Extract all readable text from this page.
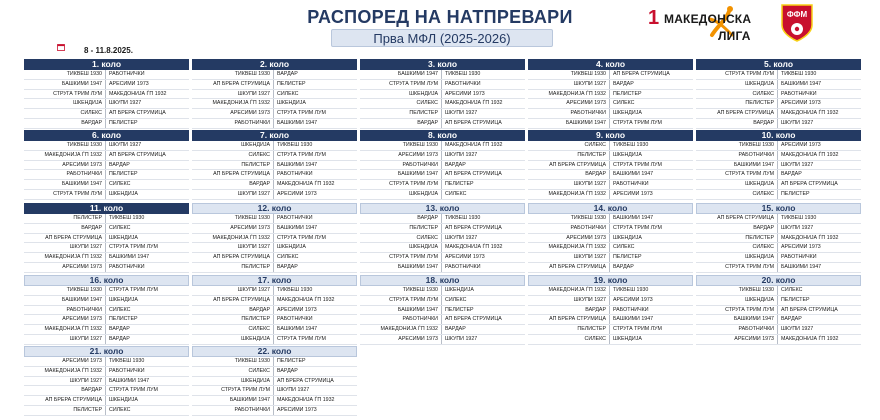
РАСПОРЕД НА НАТПРЕВАРИ
Прва МФЛ (2025-2026)
1 МАКЕДОНСКА
ЛИГА
ФФМ
8 - 11.8.2025.
1. коло
ТИКВЕШ 1930	РАБОТНИЧКИ
БАШКИМИ 1947	АРЕСИМИ 1973
СТРУГА ТРИМ ЛУМ	МАКЕДОНИЈА ЃП 1932
ШКЕНДИЈА	ШКУПИ 1927
СИЛЕКС	АП БРЕРА СТРУМИЦА
ВАРДАР	ПЕЛИСТЕР
2. коло
ТИКВЕШ 1930	ВАРДАР
АП БРЕРА СТРУМИЦА	ПЕЛИСТЕР
ШКУПИ 1927	СИЛЕКС
МАКЕДОНИЈА ЃП 1932	ШКЕНДИЈА
АРЕСИМИ 1973	СТРУГА ТРИМ ЛУМ
РАБОТНИЧКИ	БАШКИМИ 1947
3. коло
БАШКИМИ 1947	ТИКВЕШ 1930
СТРУГА ТРИМ ЛУМ	РАБОТНИЧКИ
ШКЕНДИЈА	АРЕСИМИ 1973
СИЛЕКС	МАКЕДОНИЈА ЃП 1932
ПЕЛИСТЕР	ШКУПИ 1927
ВАРДАР	АП БРЕРА СТРУМИЦА
4. коло
ТИКВЕШ 1930	АП БРЕРА СТРУМИЦА
ШКУПИ 1927	ВАРДАР
МАКЕДОНИЈА ЃП 1932	ПЕЛИСТЕР
АРЕСИМИ 1973	СИЛЕКС
РАБОТНИЧКИ	ШКЕНДИЈА
БАШКИМИ 1947	СТРУГА ТРИМ ЛУМ
5. коло
СТРУГА ТРИМ ЛУМ	ТИКВЕШ 1930
ШКЕНДИЈА	БАШКИМИ 1947
СИЛЕКС	РАБОТНИЧКИ
ПЕЛИСТЕР	АРЕСИМИ 1973
АП БРЕРА СТРУМИЦА	МАКЕДОНИЈА ЃП 1932
ВАРДАР	ШКУПИ 1927
6. коло
ТИКВЕШ 1930	ШКУПИ 1927
МАКЕДОНИЈА ЃП 1932	АП БРЕРА СТРУМИЦА
АРЕСИМИ 1973	ВАРДАР
РАБОТНИЧКИ	ПЕЛИСТЕР
БАШКИМИ 1947	СИЛЕКС
СТРУГА ТРИМ ЛУМ	ШКЕНДИЈА
7. коло
ШКЕНДИЈА	ТИКВЕШ 1930
СИЛЕКС	СТРУГА ТРИМ ЛУМ
ПЕЛИСТЕР	БАШКИМИ 1947
АП БРЕРА СТРУМИЦА	РАБОТНИЧКИ
ВАРДАР	МАКЕДОНИЈА ЃП 1932
ШКУПИ 1927	АРЕСИМИ 1973
8. коло
ТИКВЕШ 1930	МАКЕДОНИЈА ЃП 1932
АРЕСИМИ 1973	ШКУПИ 1927
РАБОТНИЧКИ	ВАРДАР
БАШКИМИ 1947	АП БРЕРА СТРУМИЦА
СТРУГА ТРИМ ЛУМ	ПЕЛИСТЕР
ШКЕНДИЈА	СИЛЕКС
9. коло
СИЛЕКС	ТИКВЕШ 1930
ПЕЛИСТЕР	ШКЕНДИЈА
АП БРЕРА СТРУМИЦА	СТРУГА ТРИМ ЛУМ
ВАРДАР	БАШКИМИ 1947
ШКУПИ 1927	РАБОТНИЧКИ
МАКЕДОНИЈА ЃП 1932	АРЕСИМИ 1973
10. коло
ТИКВЕШ 1930	АРЕСИМИ 1973
РАБОТНИЧКИ	МАКЕДОНИЈА ЃП 1932
БАШКИМИ 1947	ШКУПИ 1927
СТРУГА ТРИМ ЛУМ	ВАРДАР
ШКЕНДИЈА	АП БРЕРА СТРУМИЦА
СИЛЕКС	ПЕЛИСТЕР
11. коло
ПЕЛИСТЕР	ТИКВЕШ 1930
ВАРДАР	СИЛЕКС
АП БРЕРА СТРУМИЦА	ШКЕНДИЈА
ШКУПИ 1927	СТРУГА ТРИМ ЛУМ
МАКЕДОНИЈА ЃП 1932	БАШКИМИ 1947
АРЕСИМИ 1973	РАБОТНИЧКИ
12. коло
ТИКВЕШ 1930	РАБОТНИЧКИ
АРЕСИМИ 1973	БАШКИМИ 1947
МАКЕДОНИЈА ЃП 1932	СТРУГА ТРИМ ЛУМ
ШКУПИ 1927	ШКЕНДИЈА
АП БРЕРА СТРУМИЦА	СИЛЕКС
ПЕЛИСТЕР	ВАРДАР
13. коло
ВАРДАР	ТИКВЕШ 1930
ПЕЛИСТЕР	АП БРЕРА СТРУМИЦА
СИЛЕКС	ШКУПИ 1927
ШКЕНДИЈА	МАКЕДОНИЈА ЃП 1932
СТРУГА ТРИМ ЛУМ	АРЕСИМИ 1973
БАШКИМИ 1947	РАБОТНИЧКИ
14. коло
ТИКВЕШ 1930	БАШКИМИ 1947
РАБОТНИЧКИ	СТРУГА ТРИМ ЛУМ
АРЕСИМИ 1973	ШКЕНДИЈА
МАКЕДОНИЈА ЃП 1932	СИЛЕКС
ШКУПИ 1927	ПЕЛИСТЕР
АП БРЕРА СТРУМИЦА	ВАРДАР
15. коло
АП БРЕРА СТРУМИЦА	ТИКВЕШ 1930
ВАРДАР	ШКУПИ 1927
ПЕЛИСТЕР	МАКЕДОНИЈА ЃП 1932
СИЛЕКС	АРЕСИМИ 1973
ШКЕНДИЈА	РАБОТНИЧКИ
СТРУГА ТРИМ ЛУМ	БАШКИМИ 1947
16. коло
ТИКВЕШ 1930	СТРУГА ТРИМ ЛУМ
БАШКИМИ 1947	ШКЕНДИЈА
РАБОТНИЧКИ	СИЛЕКС
АРЕСИМИ 1973	ПЕЛИСТЕР
МАКЕДОНИЈА ЃП 1932	ВАРДАР
ШКУПИ 1927	ВАРДАР
17. коло
ШКУПИ 1927	ТИКВЕШ 1930
АП БРЕРА СТРУМИЦА	МАКЕДОНИЈА ЃП 1932
ВАРДАР	АРЕСИМИ 1973
ПЕЛИСТЕР	РАБОТНИЧКИ
СИЛЕКС	БАШКИМИ 1947
ШКЕНДИЈА	СТРУГА ТРИМ ЛУМ
18. коло
ТИКВЕШ 1930	ШКЕНДИЈА
СТРУГА ТРИМ ЛУМ	СИЛЕКС
БАШКИМИ 1947	ПЕЛИСТЕР
РАБОТНИЧКИ	АП БРЕРА СТРУМИЦА
МАКЕДОНИЈА ЃП 1932	ВАРДАР
АРЕСИМИ 1973	ШКУПИ 1927
19. коло
МАКЕДОНИЈА ЃП 1932	ТИКВЕШ 1930
ШКУПИ 1927	АРЕСИМИ 1973
ВАРДАР	РАБОТНИЧКИ
АП БРЕРА СТРУМИЦА	БАШКИМИ 1947
ПЕЛИСТЕР	СТРУГА ТРИМ ЛУМ
СИЛЕКС	ШКЕНДИЈА
20. коло
ТИКВЕШ 1930	СИЛЕКС
ШКЕНДИЈА	ПЕЛИСТЕР
СТРУГА ТРИМ ЛУМ	АП БРЕРА СТРУМИЦА
БАШКИМИ 1947	ВАРДАР
РАБОТНИЧКИ	ШКУПИ 1927
АРЕСИМИ 1973	МАКЕДОНИЈА ЃП 1932
21. коло
АРЕСИМИ 1973	ТИКВЕШ 1930
МАКЕДОНИЈА ЃП 1932	РАБОТНИЧКИ
ШКУПИ 1927	БАШКИМИ 1947
ВАРДАР	СТРУГА ТРИМ ЛУМ
АП БРЕРА СТРУМИЦА	ШКЕНДИЈА
ПЕЛИСТЕР	СИЛЕКС
22. коло
ТИКВЕШ 1930	ПЕЛИСТЕР
СИЛЕКС	ВАРДАР
ШКЕНДИЈА	АП БРЕРА СТРУМИЦА
СТРУГА ТРИМ ЛУМ	ШКУПИ 1927
БАШКИМИ 1947	МАКЕДОНИЈА ЃП 1932
РАБОТНИЧКИ	АРЕСИМИ 1973
